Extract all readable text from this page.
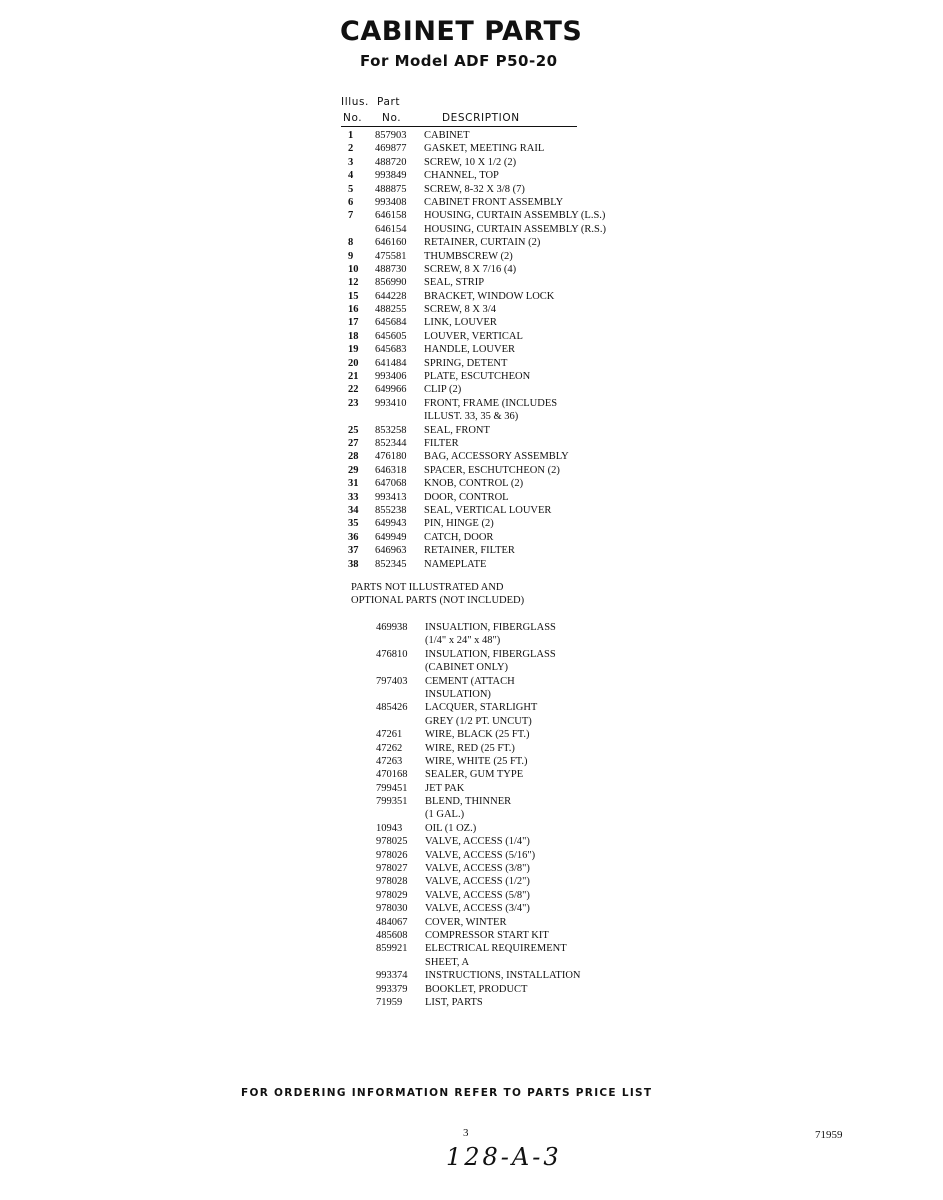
CABINET PARTS
For Model ADF P50-20
Illus. Part
No. No.	DESCRIPTION
1	857903	CABINET
2	469877	GASKET, MEETING RAIL
3	488720	SCREW, 10 X 1/2 (2)
4	993849	CHANNEL, TOP
5	488875	SCREW, 8-32 X 3/8 (7)
6	993408	CABINET FRONT ASSEMBLY
7	646158	HOUSING, CURTAIN ASSEMBLY (L.S.)
646154	HOUSING, CURTAIN ASSEMBLY (R.S.)
8	646160	RETAINER, CURTAIN (2)
9	475581	THUMBSCREW (2)
10	488730	SCREW, 8 X 7/16 (4)
12	856990	SEAL, STRIP
15	644228	BRACKET, WINDOW LOCK
16	488255	SCREW, 8 X 3/4
17	645684	LINK, LOUVER
18	645605	LOUVER, VERTICAL
19	645683	HANDLE, LOUVER
20	641484	SPRING, DETENT
21	993406	PLATE, ESCUTCHEON
22	649966	CLIP (2)
23	993410	FRONT, FRAME (INCLUDES
ILLUST. 33, 35 & 36)
25	853258	SEAL, FRONT
27	852344	FILTER
28	476180	BAG, ACCESSORY ASSEMBLY
29	646318	SPACER, ESCHUTCHEON (2)
31	647068	KNOB, CONTROL (2)
33	993413	DOOR, CONTROL
34	855238	SEAL, VERTICAL LOUVER
35	649943	PIN, HINGE (2)
36	649949	CATCH, DOOR
37	646963	RETAINER, FILTER
38	852345	NAMEPLATE
PARTS NOT ILLUSTRATED AND
OPTIONAL PARTS (NOT INCLUDED)
469938	INSUALTION, FIBERGLASS
(1/4" x 24" x 48")
476810	INSULATION, FIBERGLASS
(CABINET ONLY)
797403	CEMENT (ATTACH
INSULATION)
485426	LACQUER, STARLIGHT
GREY (1/2 PT. UNCUT)
47261	WIRE, BLACK (25 FT.)
47262	WIRE, RED (25 FT.)
47263	WIRE, WHITE (25 FT.)
470168	SEALER, GUM TYPE
799451	JET PAK
799351	BLEND, THINNER
(1 GAL.)
10943	OIL (1 OZ.)
978025	VALVE, ACCESS (1/4")
978026	VALVE, ACCESS (5/16")
978027	VALVE, ACCESS (3/8")
978028	VALVE, ACCESS (1/2")
978029	VALVE, ACCESS (5/8")
978030	VALVE, ACCESS (3/4")
484067	COVER, WINTER
485608	COMPRESSOR START KIT
859921	ELECTRICAL REQUIREMENT
SHEET, A
993374	INSTRUCTIONS, INSTALLATION
993379	BOOKLET, PRODUCT
71959	LIST, PARTS

FOR ORDERING INFORMATION REFER TO PARTS PRICE LIST

3	71959
128-A-3
